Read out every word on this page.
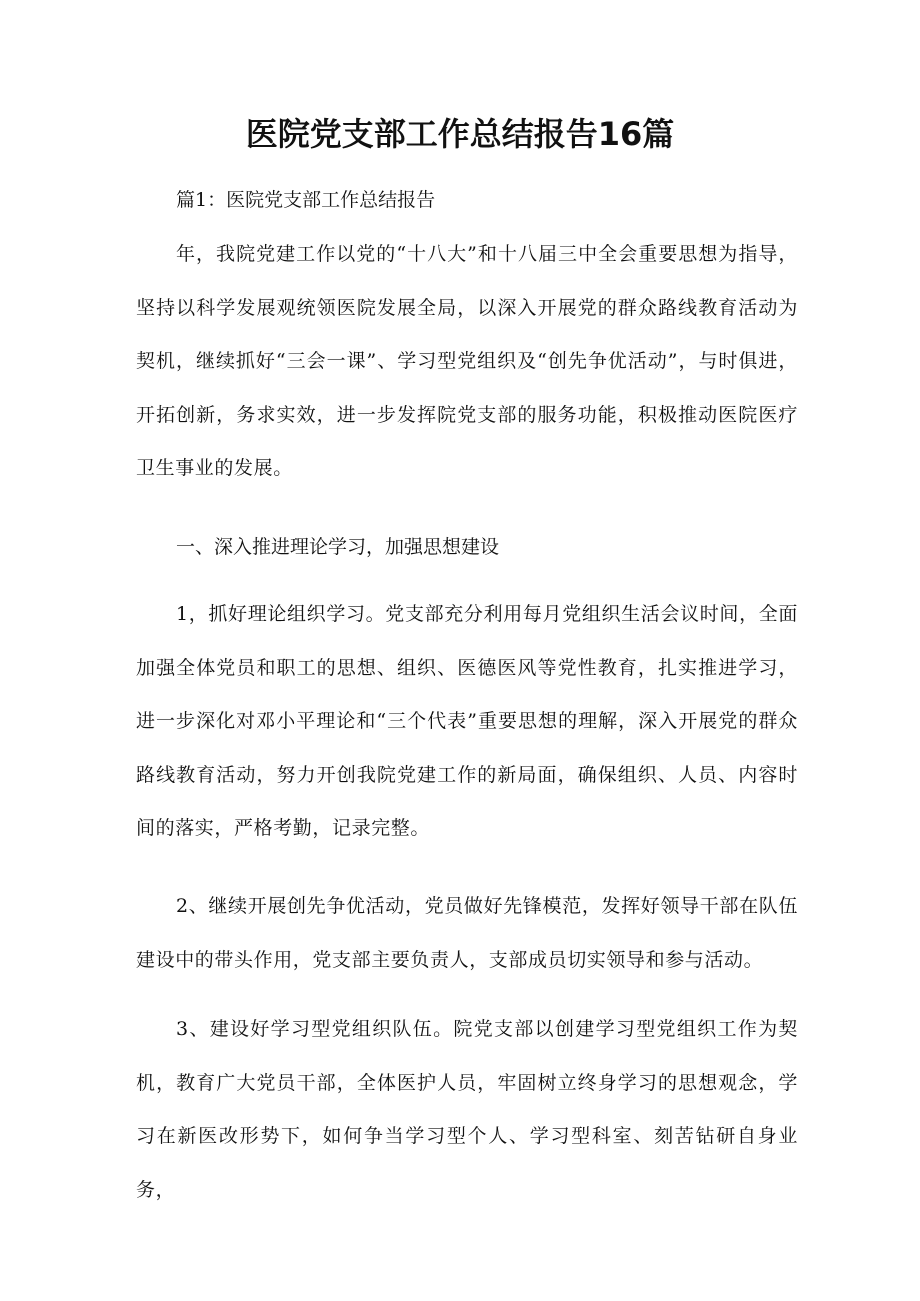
医院党支部工作总结报告16篇
篇1：医院党支部工作总结报告

年，我院党建工作以党的“十八大”和十八届三中全会重要思想为指导，坚持以科学发展观统领医院发展全局，以深入开展党的群众路线教育活动为契机，继续抓好“三会一课”、学习型党组织及“创先争优活动”，与时俱进，开拓创新，务求实效，进一步发挥院党支部的服务功能，积极推动医院医疗卫生事业的发展。

一、深入推进理论学习，加强思想建设

1，抓好理论组织学习。党支部充分利用每月党组织生活会议时间，全面加强全体党员和职工的思想、组织、医德医风等党性教育，扎实推进学习，进一步深化对邓小平理论和“三个代表”重要思想的理解，深入开展党的群众路线教育活动，努力开创我院党建工作的新局面，确保组织、人员、内容时间的落实，严格考勤，记录完整。

2、继续开展创先争优活动，党员做好先锋模范，发挥好领导干部在队伍建设中的带头作用，党支部主要负责人，支部成员切实领导和参与活动。

3、建设好学习型党组织队伍。院党支部以创建学习型党组织工作为契机，教育广大党员干部，全体医护人员，牢固树立终身学习的思想观念，学习在新医改形势下，如何争当学习型个人、学习型科室、刻苦钻研自身业务，
